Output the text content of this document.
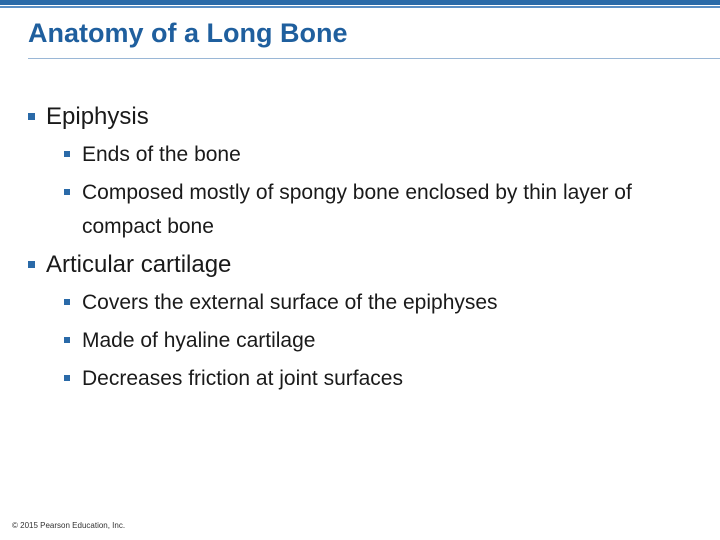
Anatomy of a Long Bone
Epiphysis
Ends of the bone
Composed mostly of spongy bone enclosed by thin layer of compact bone
Articular cartilage
Covers the external surface of the epiphyses
Made of hyaline cartilage
Decreases friction at joint surfaces
© 2015 Pearson Education, Inc.
